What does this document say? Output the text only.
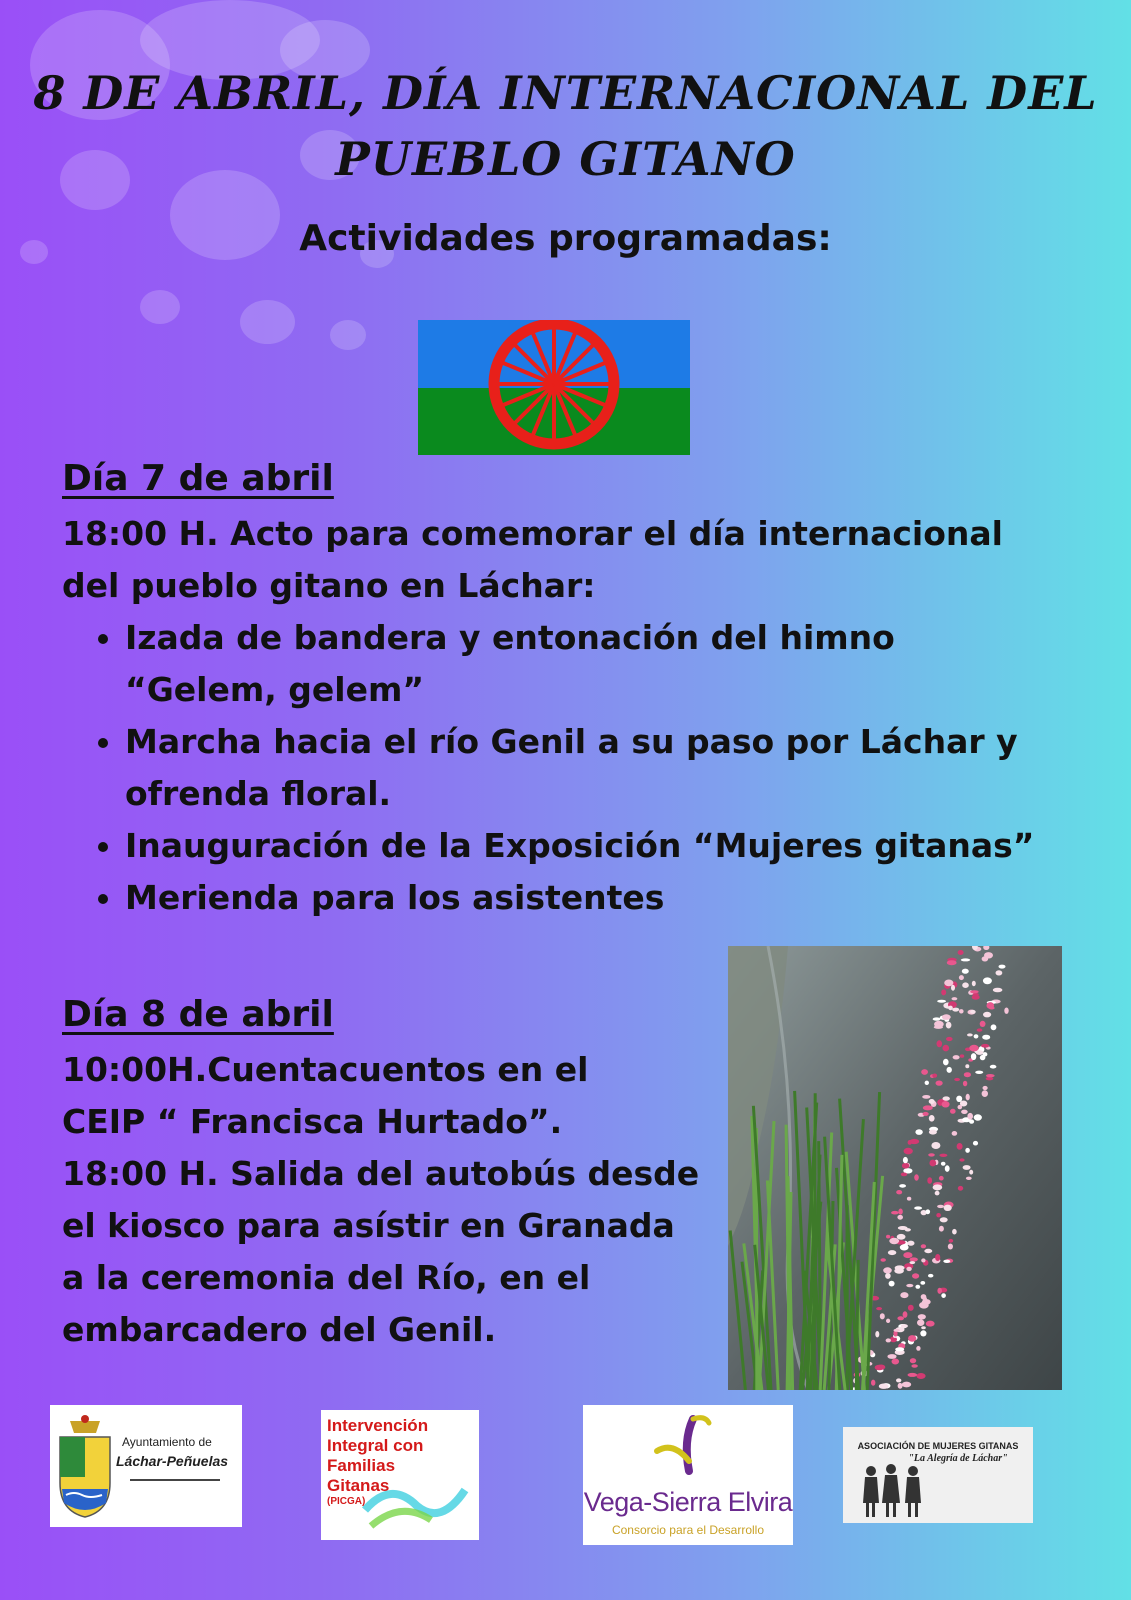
8 DE ABRIL, DÍA INTERNACIONAL DEL
PUEBLO GITANO
Actividades programadas:
Día 7 de abril
18:00 H. Acto para comemorar el día internacional
del pueblo gitano en Láchar:
• Izada de bandera y entonación del himno
“Gelem, gelem”
• Marcha hacia el río Genil a su paso por Láchar y
ofrenda floral.
• Inauguración de la Exposición “Mujeres gitanas”
• Merienda para los asistentes
Día 8 de abril
10:00H.Cuentacuentos en el
CEIP “ Francisca Hurtado”.
18:00 H. Salida del autobús desde
el kiosco para asístir en Granada
a la ceremonia del Río, en el
embarcadero del Genil.
Ayuntamiento de
Láchar-Peñuelas
Intervención
Integral con
Familias
Gitanas
(PICGA)	Vega-Sierra Elvira
Consorcio para el Desarrollo
ASOCIACIÓN DE MUJERES GITANAS
"La Alegría de Láchar"
